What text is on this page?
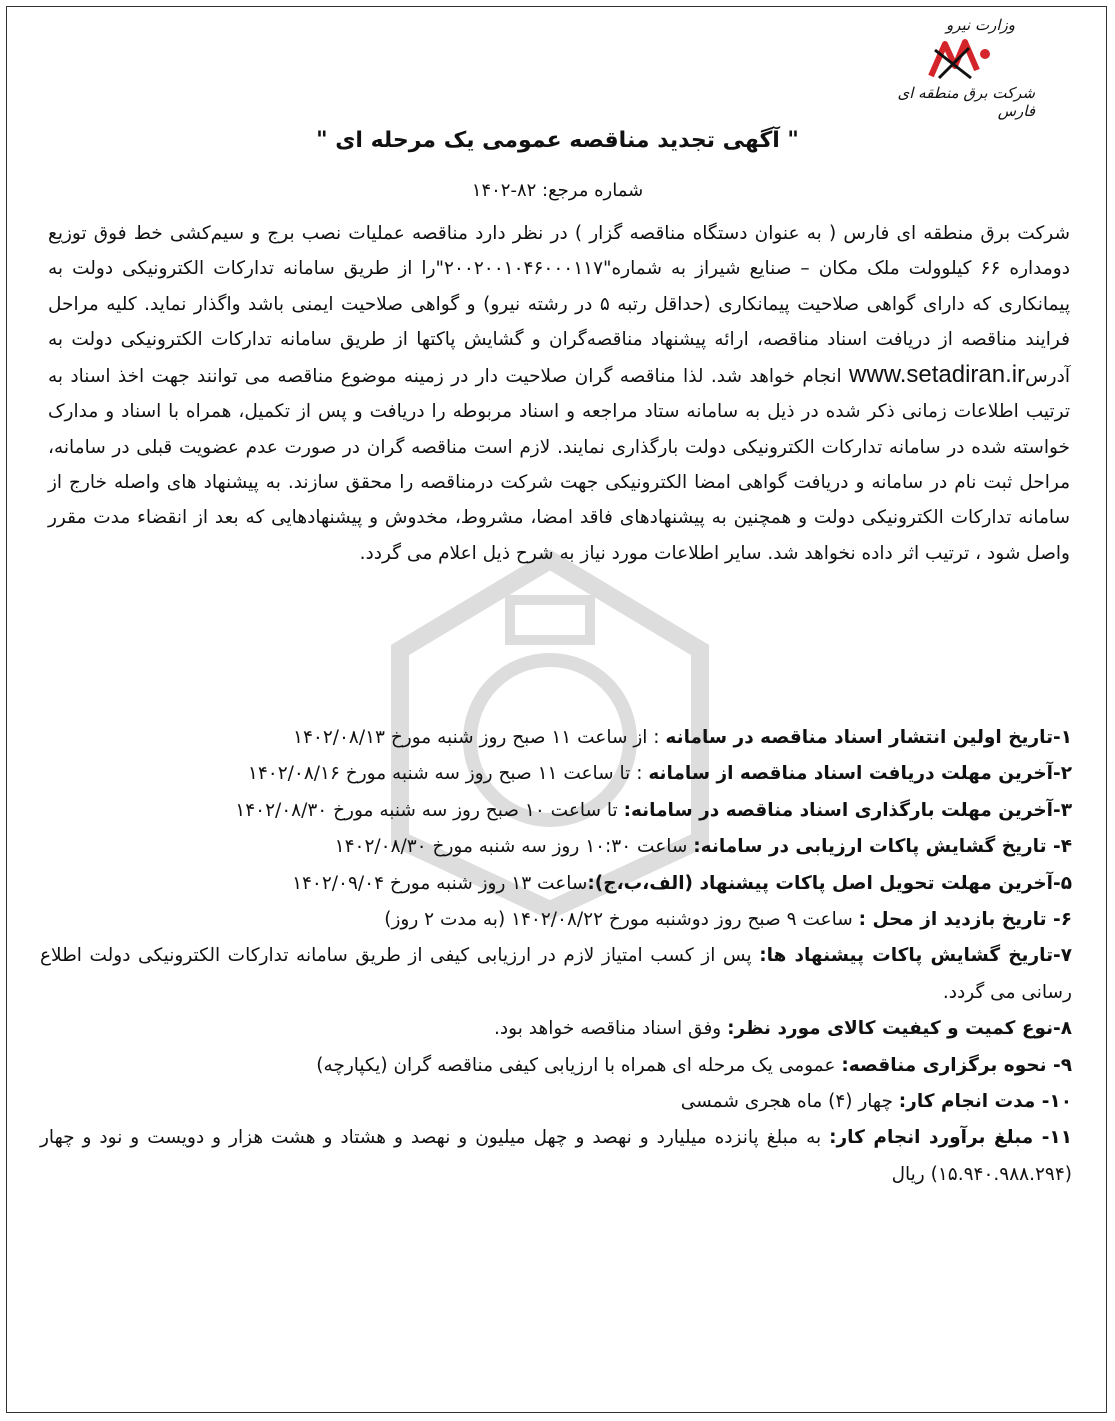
وزارت نیرو
شرکت برق منطقه ای فارس
" آگهی تجدید مناقصه عمومی یک مرحله ای "
شماره مرجع: ۸۲-۱۴۰۲
شرکت برق منطقه ای فارس ( به عنوان دستگاه مناقصه گزار ) در نظر دارد مناقصه عملیات نصب برج و سیم‌کشی خط فوق توزیع دومداره ۶۶ کیلوولت ملک مکان – صنایع شیراز به شماره"۲۰۰۲۰۰۱۰۴۶۰۰۰۱۱۷"را از طریق سامانه تدارکات الکترونیکی دولت به پیمانکاری که دارای گواهی صلاحیت پیمانکاری (حداقل رتبه ۵ در رشته نیرو) و گواهی صلاحیت ایمنی باشد واگذار نماید. کلیه مراحل فرایند مناقصه از دریافت اسناد مناقصه، ارائه پیشنهاد مناقصه‌گران و گشایش پاکتها از طریق سامانه تدارکات الکترونیکی دولت به آدرسwww.setadiran.ir انجام خواهد شد. لذا مناقصه گران صلاحیت دار در زمینه موضوع مناقصه می توانند جهت اخذ اسناد به ترتیب اطلاعات زمانی ذکر شده در ذیل به سامانه ستاد مراجعه و اسناد مربوطه را دریافت و پس از تکمیل، همراه با اسناد و مدارک خواسته شده در سامانه تدارکات الکترونیکی دولت بارگذاری نمایند. لازم است مناقصه گران در صورت عدم عضویت قبلی در سامانه، مراحل ثبت نام در سامانه و دریافت گواهی امضا الکترونیکی جهت شرکت درمناقصه را محقق سازند. به پیشنهاد های واصله خارج از سامانه تدارکات الکترونیکی دولت و همچنین به پیشنهادهای فاقد امضا، مشروط، مخدوش و پیشنهادهایی که بعد از انقضاء مدت مقرر واصل شود ، ترتیب اثر داده نخواهد شد. سایر اطلاعات مورد نیاز به شرح ذیل اعلام می گردد.
۱-تاریخ اولین انتشار اسناد مناقصه در سامانه : از ساعت ۱۱ صبح روز شنبه مورخ ۱۴۰۲/۰۸/۱۳
۲-آخرین مهلت دریافت اسناد مناقصه از سامانه : تا ساعت ۱۱ صبح روز سه شنبه مورخ ۱۴۰۲/۰۸/۱۶
۳-آخرین مهلت بارگذاری اسناد مناقصه در سامانه: تا ساعت ۱۰ صبح روز سه شنبه مورخ ۱۴۰۲/۰۸/۳۰
۴- تاریخ گشایش پاکات ارزیابی در سامانه: ساعت ۱۰:۳۰ روز سه شنبه مورخ ۱۴۰۲/۰۸/۳۰
۵-آخرین مهلت تحویل اصل پاکات پیشنهاد (الف،ب،ج):ساعت ۱۳ روز شنبه مورخ ۱۴۰۲/۰۹/۰۴
۶- تاریخ بازدید از محل : ساعت ۹ صبح روز دوشنبه مورخ ۱۴۰۲/۰۸/۲۲ (به مدت ۲ روز)
۷-تاریخ گشایش پاکات پیشنهاد ها: پس از کسب امتیاز لازم در ارزیابی کیفی از طریق سامانه تدارکات الکترونیکی دولت اطلاع رسانی می گردد.
۸-نوع کمیت و کیفیت کالای مورد نظر: وفق اسناد مناقصه خواهد بود.
۹- نحوه برگزاری مناقصه: عمومی یک مرحله ای همراه با ارزیابی کیفی مناقصه گران (یکپارچه)
۱۰- مدت انجام کار: چهار (۴) ماه هجری شمسی
۱۱- مبلغ برآورد انجام کار: به مبلغ پانزده میلیارد و نهصد و چهل میلیون و نهصد و هشتاد و هشت هزار و دویست و نود و چهار (۱۵.۹۴۰.۹۸۸.۲۹۴) ریال
